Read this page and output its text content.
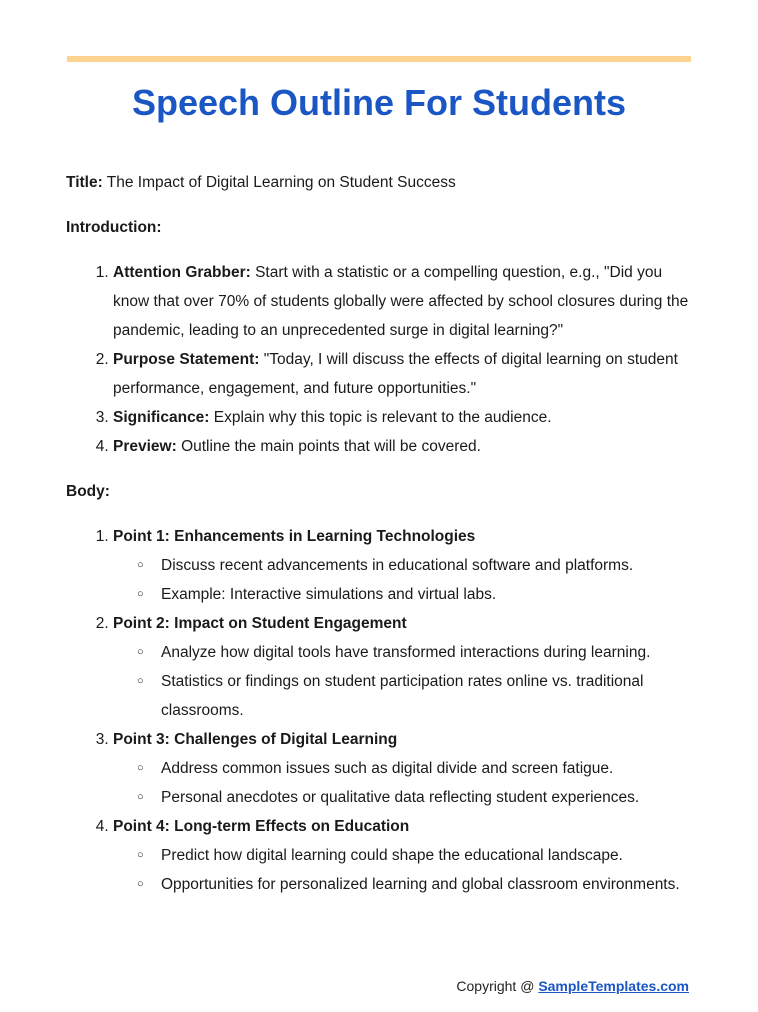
Speech Outline For Students

Title: The Impact of Digital Learning on Student Success

Introduction:

1. Attention Grabber: Start with a statistic or a compelling question, e.g., "Did you know that over 70% of students globally were affected by school closures during the pandemic, leading to an unprecedented surge in digital learning?"
2. Purpose Statement: "Today, I will discuss the effects of digital learning on student performance, engagement, and future opportunities."
3. Significance: Explain why this topic is relevant to the audience.
4. Preview: Outline the main points that will be covered.

Body:

1. Point 1: Enhancements in Learning Technologies
○ Discuss recent advancements in educational software and platforms.
○ Example: Interactive simulations and virtual labs.
2. Point 2: Impact on Student Engagement
○ Analyze how digital tools have transformed interactions during learning.
○ Statistics or findings on student participation rates online vs. traditional classrooms.
3. Point 3: Challenges of Digital Learning
○ Address common issues such as digital divide and screen fatigue.
○ Personal anecdotes or qualitative data reflecting student experiences.
4. Point 4: Long-term Effects on Education
○ Predict how digital learning could shape the educational landscape.
○ Opportunities for personalized learning and global classroom environments.
Copyright @ SampleTemplates.com
